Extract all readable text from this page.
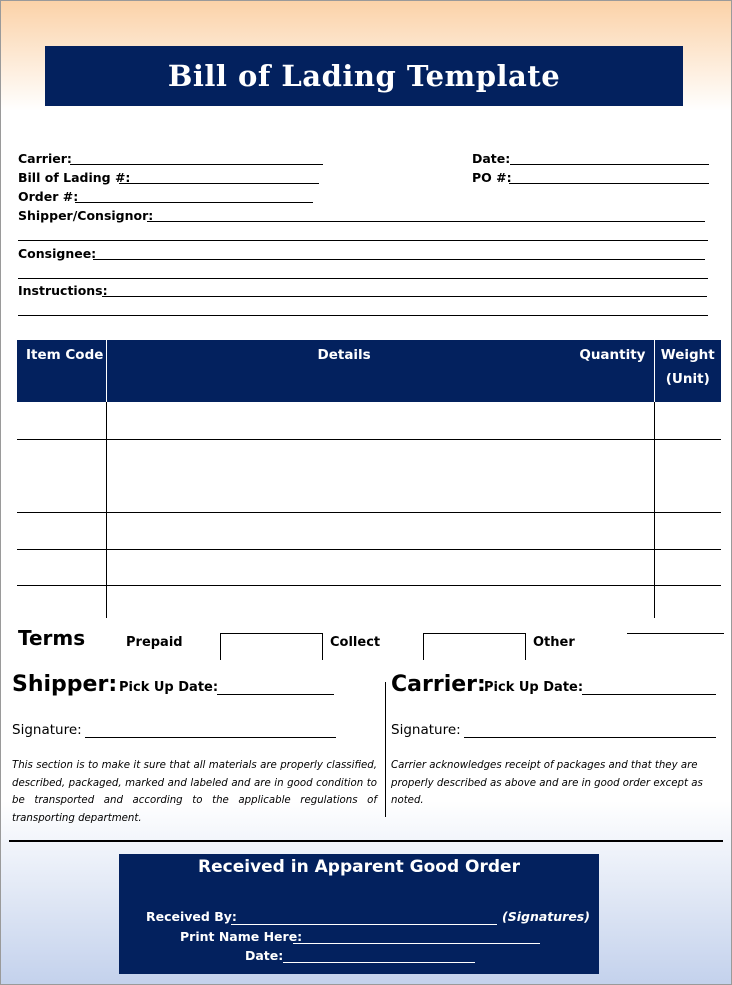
Bill of Lading Template
Carrier:
Bill of Lading #:
Order #:
Shipper/Consignor:
Consignee:
Instructions:
Date:
PO #:
Item Code	Details Quantity	Weight
(Unit)

Terms	Prepaid	Collect	Other
Shipper: Pick Up Date:
Signature:
This section is to make it sure that all materials are properly classified, described, packaged, marked and labeled and are in good condition to be transported and according to the applicable regulations of transporting department.
Carrier:
Pick Up Date:
Signature:
Carrier acknowledges receipt of packages and that they are properly described as above and are in good order except as noted.
Received in Apparent Good Order
Received By:	(Signatures)
Print Name Here:
Date:
